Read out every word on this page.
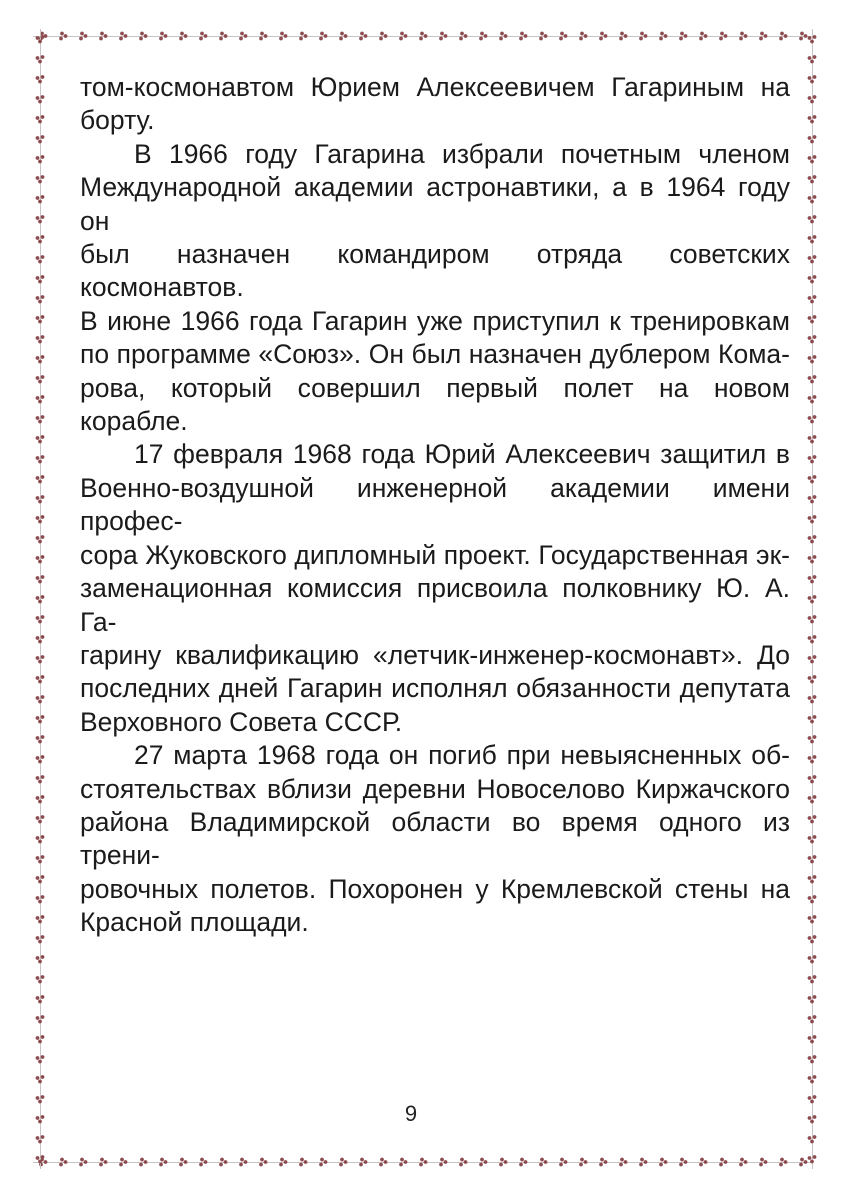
том-космонавтом Юрием Алексеевичем Гагариным на
борту.
В 1966 году Гагарина избрали почетным членом
Международной академии астронавтики, а в 1964 году он
был назначен командиром отряда советских космонавтов.
В июне 1966 года Гагарин уже приступил к тренировкам
по программе «Союз». Он был назначен дублером Кома-
рова, который совершил первый полет на новом корабле.
17 февраля 1968 года Юрий Алексеевич защитил в
Военно-воздушной инженерной академии имени профес-
сора Жуковского дипломный проект. Государственная эк-
заменационная комиссия присвоила полковнику Ю. А. Га-
гарину квалификацию «летчик-инженер-космонавт». До
последних дней Гагарин исполнял обязанности депутата
Верховного Совета СССР.
27 марта 1968 года он погиб при невыясненных об-
стоятельствах вблизи деревни Новоселово Киржачского
района Владимирской области во время одного из трени-
ровочных полетов. Похоронен у Кремлевской стены на
Красной площади.
9
